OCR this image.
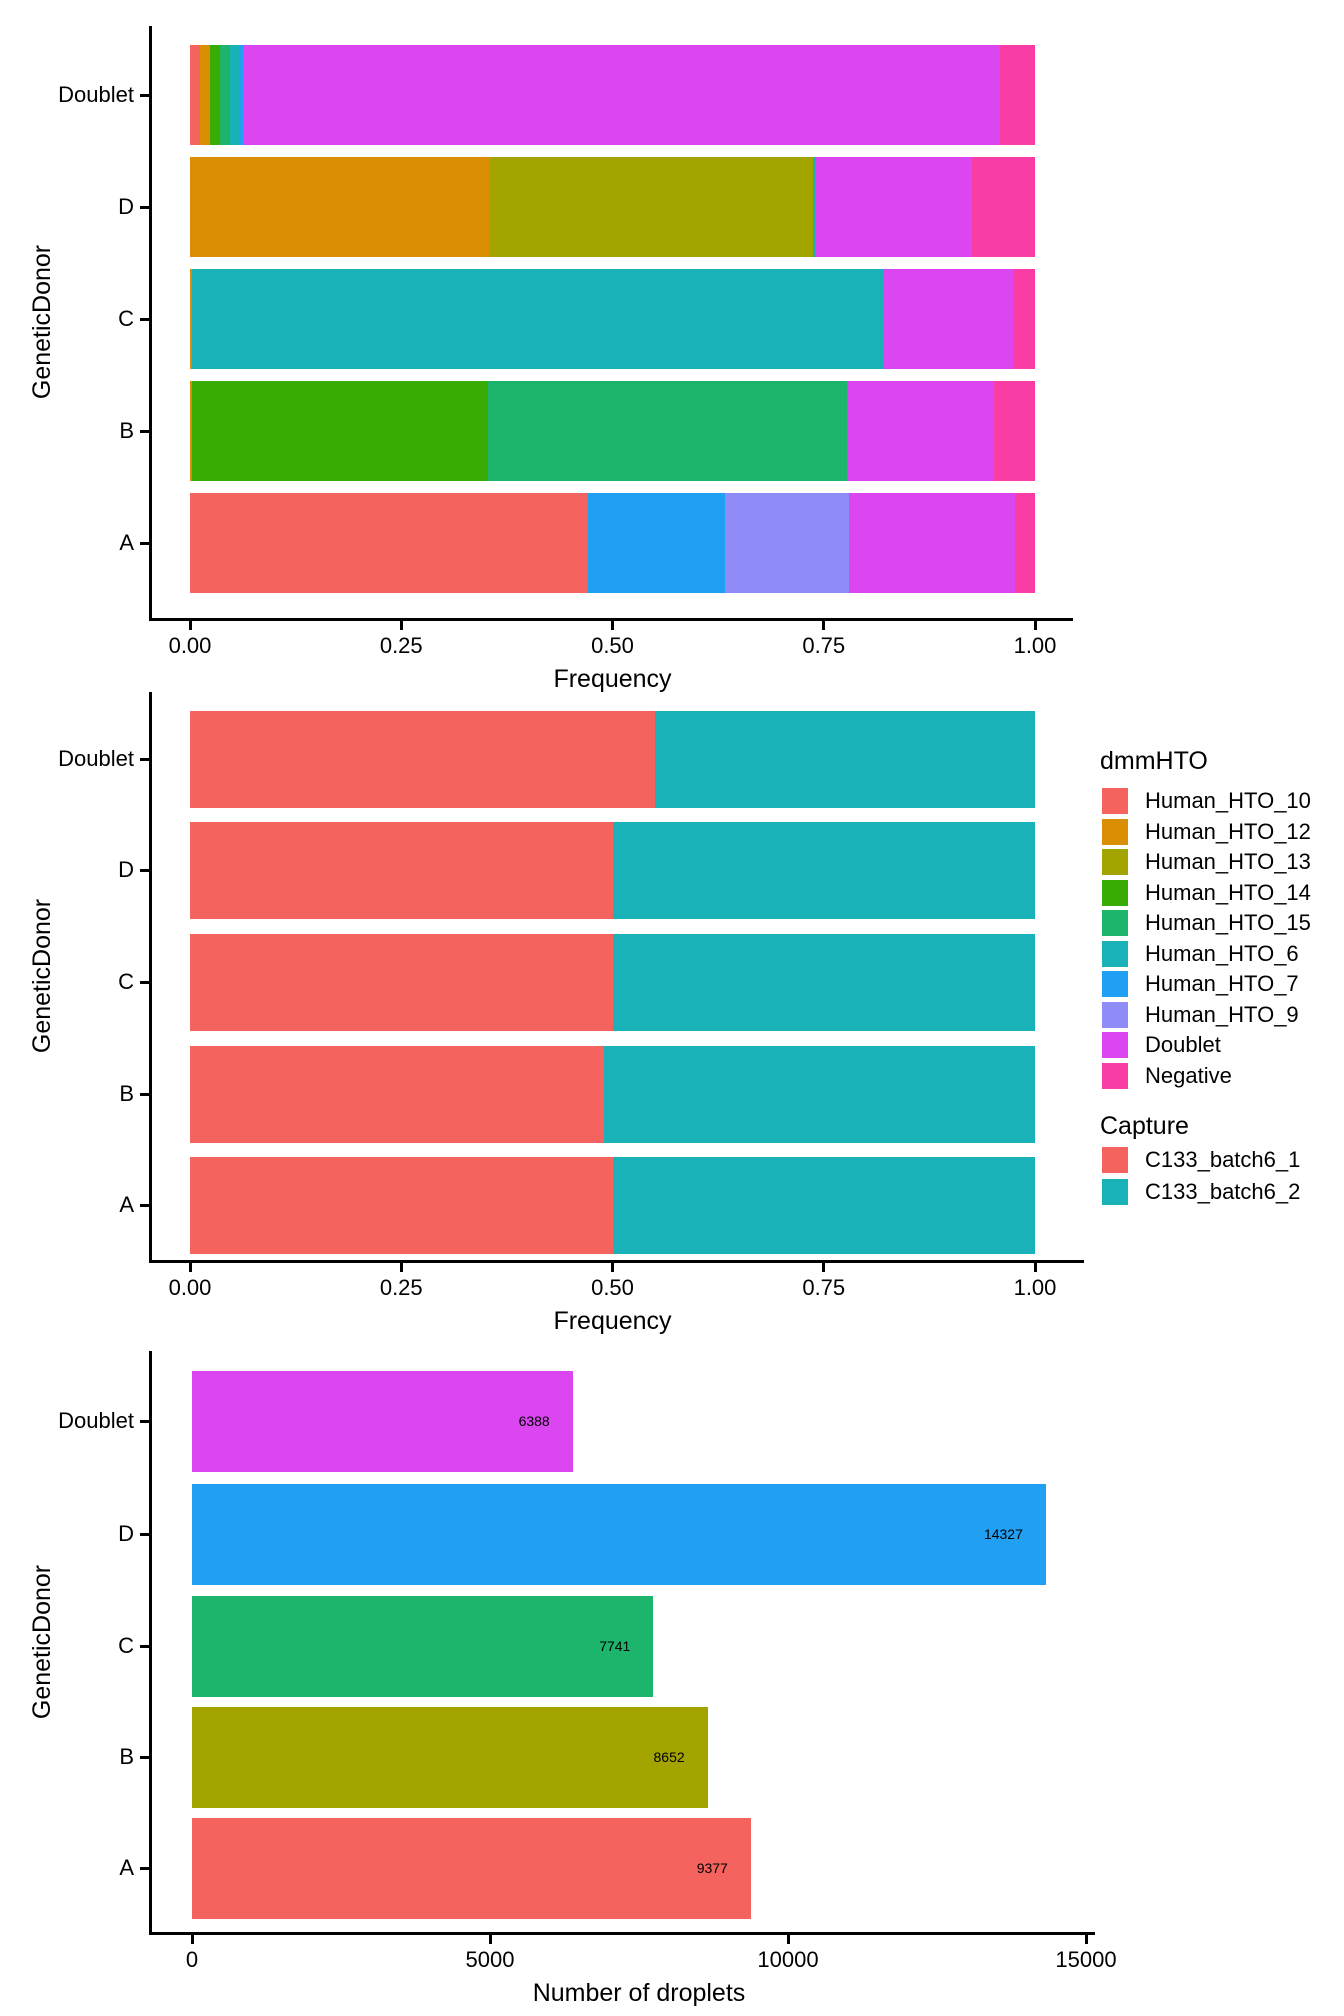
0.00	0.25	0.50	0.75	1.00
Frequency
GeneticDonor
Doublet
D
C
B
A
0.00	0.25	0.50	0.75	1.00
Frequency
GeneticDonor
Doublet
D
C
B
A
dmmHTO
Human_HTO_10
Human_HTO_12
Human_HTO_13
Human_HTO_14
Human_HTO_15
Human_HTO_6
Human_HTO_7
Human_HTO_9
Doublet
Negative
Capture
C133_batch6_1
C133_batch6_2
0	5000	10000	15000
Number of droplets
GeneticDonor
Doublet	6388
D	14327
C	7741
B	8652
A	9377
